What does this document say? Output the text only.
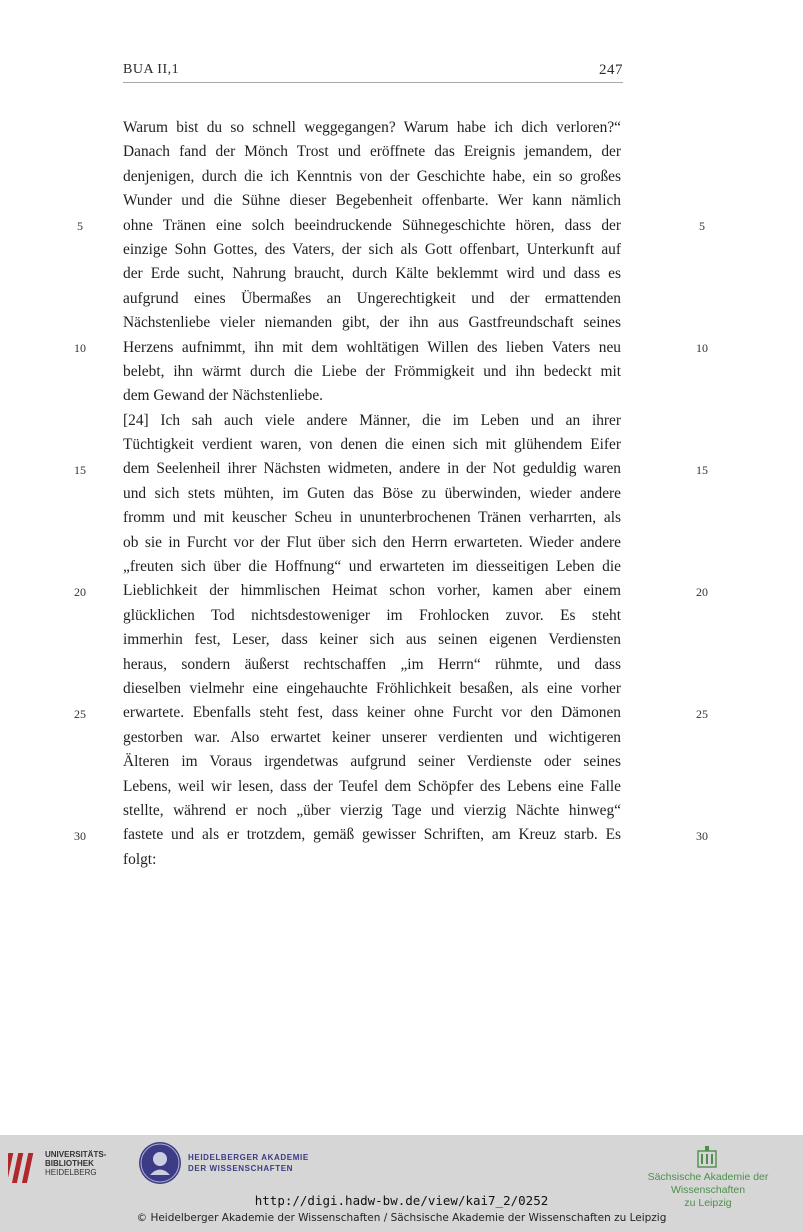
BUA II,1	247
Warum bist du so schnell weggegangen? Warum habe ich dich verloren?“
Danach fand der Mönch Trost und eröffnete das Ereignis jemandem, der
denjenigen, durch die ich Kenntnis von der Geschichte habe, ein so großes
Wunder und die Sühne dieser Begebenheit offenbarte. Wer kann nämlich
ohne Tränen eine solch beeindruckende Sühnegeschichte hören, dass der
einzige Sohn Gottes, des Vaters, der sich als Gott offenbart, Unterkunft auf
der Erde sucht, Nahrung braucht, durch Kälte beklemmt wird und dass es
aufgrund eines Übermaßes an Ungerechtigkeit und der ermattenden
Nächstenliebe vieler niemanden gibt, der ihn aus Gastfreundschaft seines
Herzens aufnimmt, ihn mit dem wohltätigen Willen des lieben Vaters neu
belebt, ihn wärmt durch die Liebe der Frömmigkeit und ihn bedeckt mit
dem Gewand der Nächstenliebe.
[24] Ich sah auch viele andere Männer, die im Leben und an ihrer
Tüchtigkeit verdient waren, von denen die einen sich mit glühendem Eifer
dem Seelenheil ihrer Nächsten widmeten, andere in der Not geduldig waren
und sich stets mühten, im Guten das Böse zu überwinden, wieder andere
fromm und mit keuscher Scheu in ununterbrochenen Tränen verharrten, als
ob sie in Furcht vor der Flut über sich den Herrn erwarteten. Wieder andere
„freuten sich über die Hoffnung“ und erwarteten im diesseitigen Leben die
Lieblichkeit der himmlischen Heimat schon vorher, kamen aber einem
glücklichen Tod nichtsdestoweniger im Frohlocken zuvor. Es steht
immerhin fest, Leser, dass keiner sich aus seinen eigenen Verdiensten
heraus, sondern äußerst rechtschaffen „im Herrn“ rühmte, und dass
dieselben vielmehr eine eingehauchte Fröhlichkeit besaßen, als eine vorher
erwartete. Ebenfalls steht fest, dass keiner ohne Furcht vor den Dämonen
gestorben war. Also erwartet keiner unserer verdienten und wichtigeren
Älteren im Voraus irgendetwas aufgrund seiner Verdienste oder seines
Lebens, weil wir lesen, dass der Teufel dem Schöpfer des Lebens eine Falle
stellte, während er noch „über vierzig Tage und vierzig Nächte hinweg“
fastete und als er trotzdem, gemäß gewisser Schriften, am Kreuz starb. Es
folgt:
5	5
10	10
15	15
20	20
25	25
30	30
UNIVERSITÄTS-
BIBLIOTHEK
HEIDELBERG
HEIDELBERGER AKADEMIE
DER WISSENSCHAFTEN
Sächsische Akademie der Wissenschaften
zu Leipzig
http://digi.hadw-bw.de/view/kai7_2/0252
© Heidelberger Akademie der Wissenschaften / Sächsische Akademie der Wissenschaften zu Leipzig
